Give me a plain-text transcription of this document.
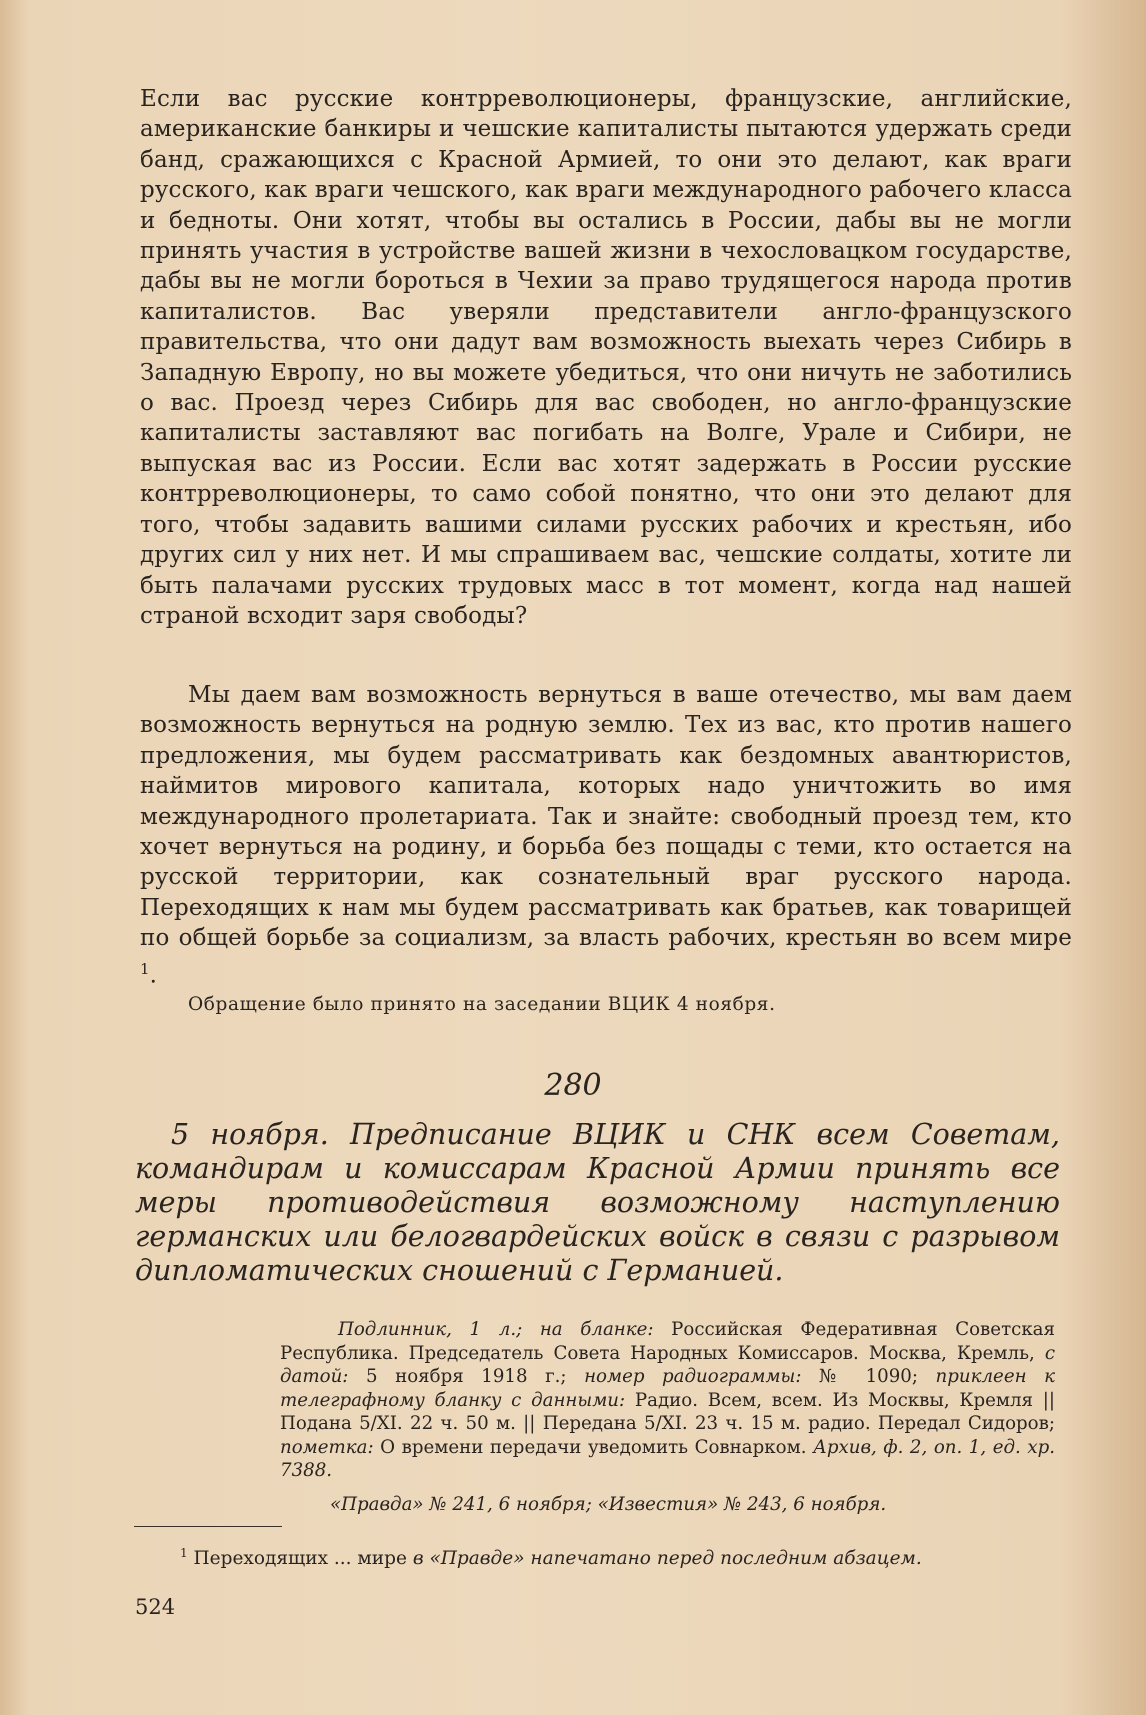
Если вас русские контрреволюционеры, французские, английские, американские банкиры и чешские капиталисты пытаются удержать среди банд, сражающихся с Красной Армией, то они это делают, как враги русского, как враги чешского, как враги международного рабочего класса и бедноты. Они хотят, чтобы вы остались в России, дабы вы не могли принять участия в устройстве вашей жизни в чехословацком государстве, дабы вы не могли бороться в Чехии за право трудящегося народа против капиталистов. Вас уверяли представители англо-французского правительства, что они дадут вам возможность выехать через Сибирь в Западную Европу, но вы можете убедиться, что они ничуть не заботились о вас. Проезд через Сибирь для вас свободен, но англо-французские капиталисты заставляют вас погибать на Волге, Урале и Сибири, не выпуская вас из России. Если вас хотят задержать в России русские контрреволюционеры, то само собой понятно, что они это делают для того, чтобы задавить вашими силами русских рабочих и крестьян, ибо других сил у них нет. И мы спрашиваем вас, чешские солдаты, хотите ли быть палачами русских трудовых масс в тот момент, когда над нашей страной всходит заря свободы?

Мы даем вам возможность вернуться в ваше отечество, мы вам даем возможность вернуться на родную землю. Тех из вас, кто против нашего предложения, мы будем рассматривать как бездомных авантюристов, наймитов мирового капитала, которых надо уничтожить во имя международного пролетариата. Так и знайте: свободный проезд тем, кто хочет вернуться на родину, и борьба без пощады с теми, кто остается на русской территории, как сознательный враг русского народа. Переходящих к нам мы будем рассматривать как братьев, как товарищей по общей борьбе за социализм, за власть рабочих, крестьян во всем мире $^1$.

Обращение было принято на заседании ВЦИК 4 ноября.
280

5 ноября. Предписание ВЦИК и СНК всем Советам, командирам и комиссарам Красной Армии принять все меры противодействия возможному наступлению германских или белогвардейских войск в связи с разрывом дипломатических сношений с Германией.

Подлинник, 1 л.; на бланке: Российская Федеративная Советская Республика. Председатель Совета Народных Комиссаров. Москва, Кремль, с датой: 5 ноября 1918 г.; номер радиограммы: № 1090; приклеен к телеграфному бланку с данными: Радио. Всем, всем. Из Москвы, Кремля || Подана 5/XI. 22 ч. 50 м. || Передана 5/XI. 23 ч. 15 м. радио. Передал Сидоров; пометка: О времени передачи уведомить Совнарком. Архив, ф. 2, оп. 1, ед. хр. 7388.

«Правда» № 241, 6 ноября; «Известия» № 243, 6 ноября.
$^1$ Переходящих ... мире в «Правде» напечатано перед последним абзацем.
524
